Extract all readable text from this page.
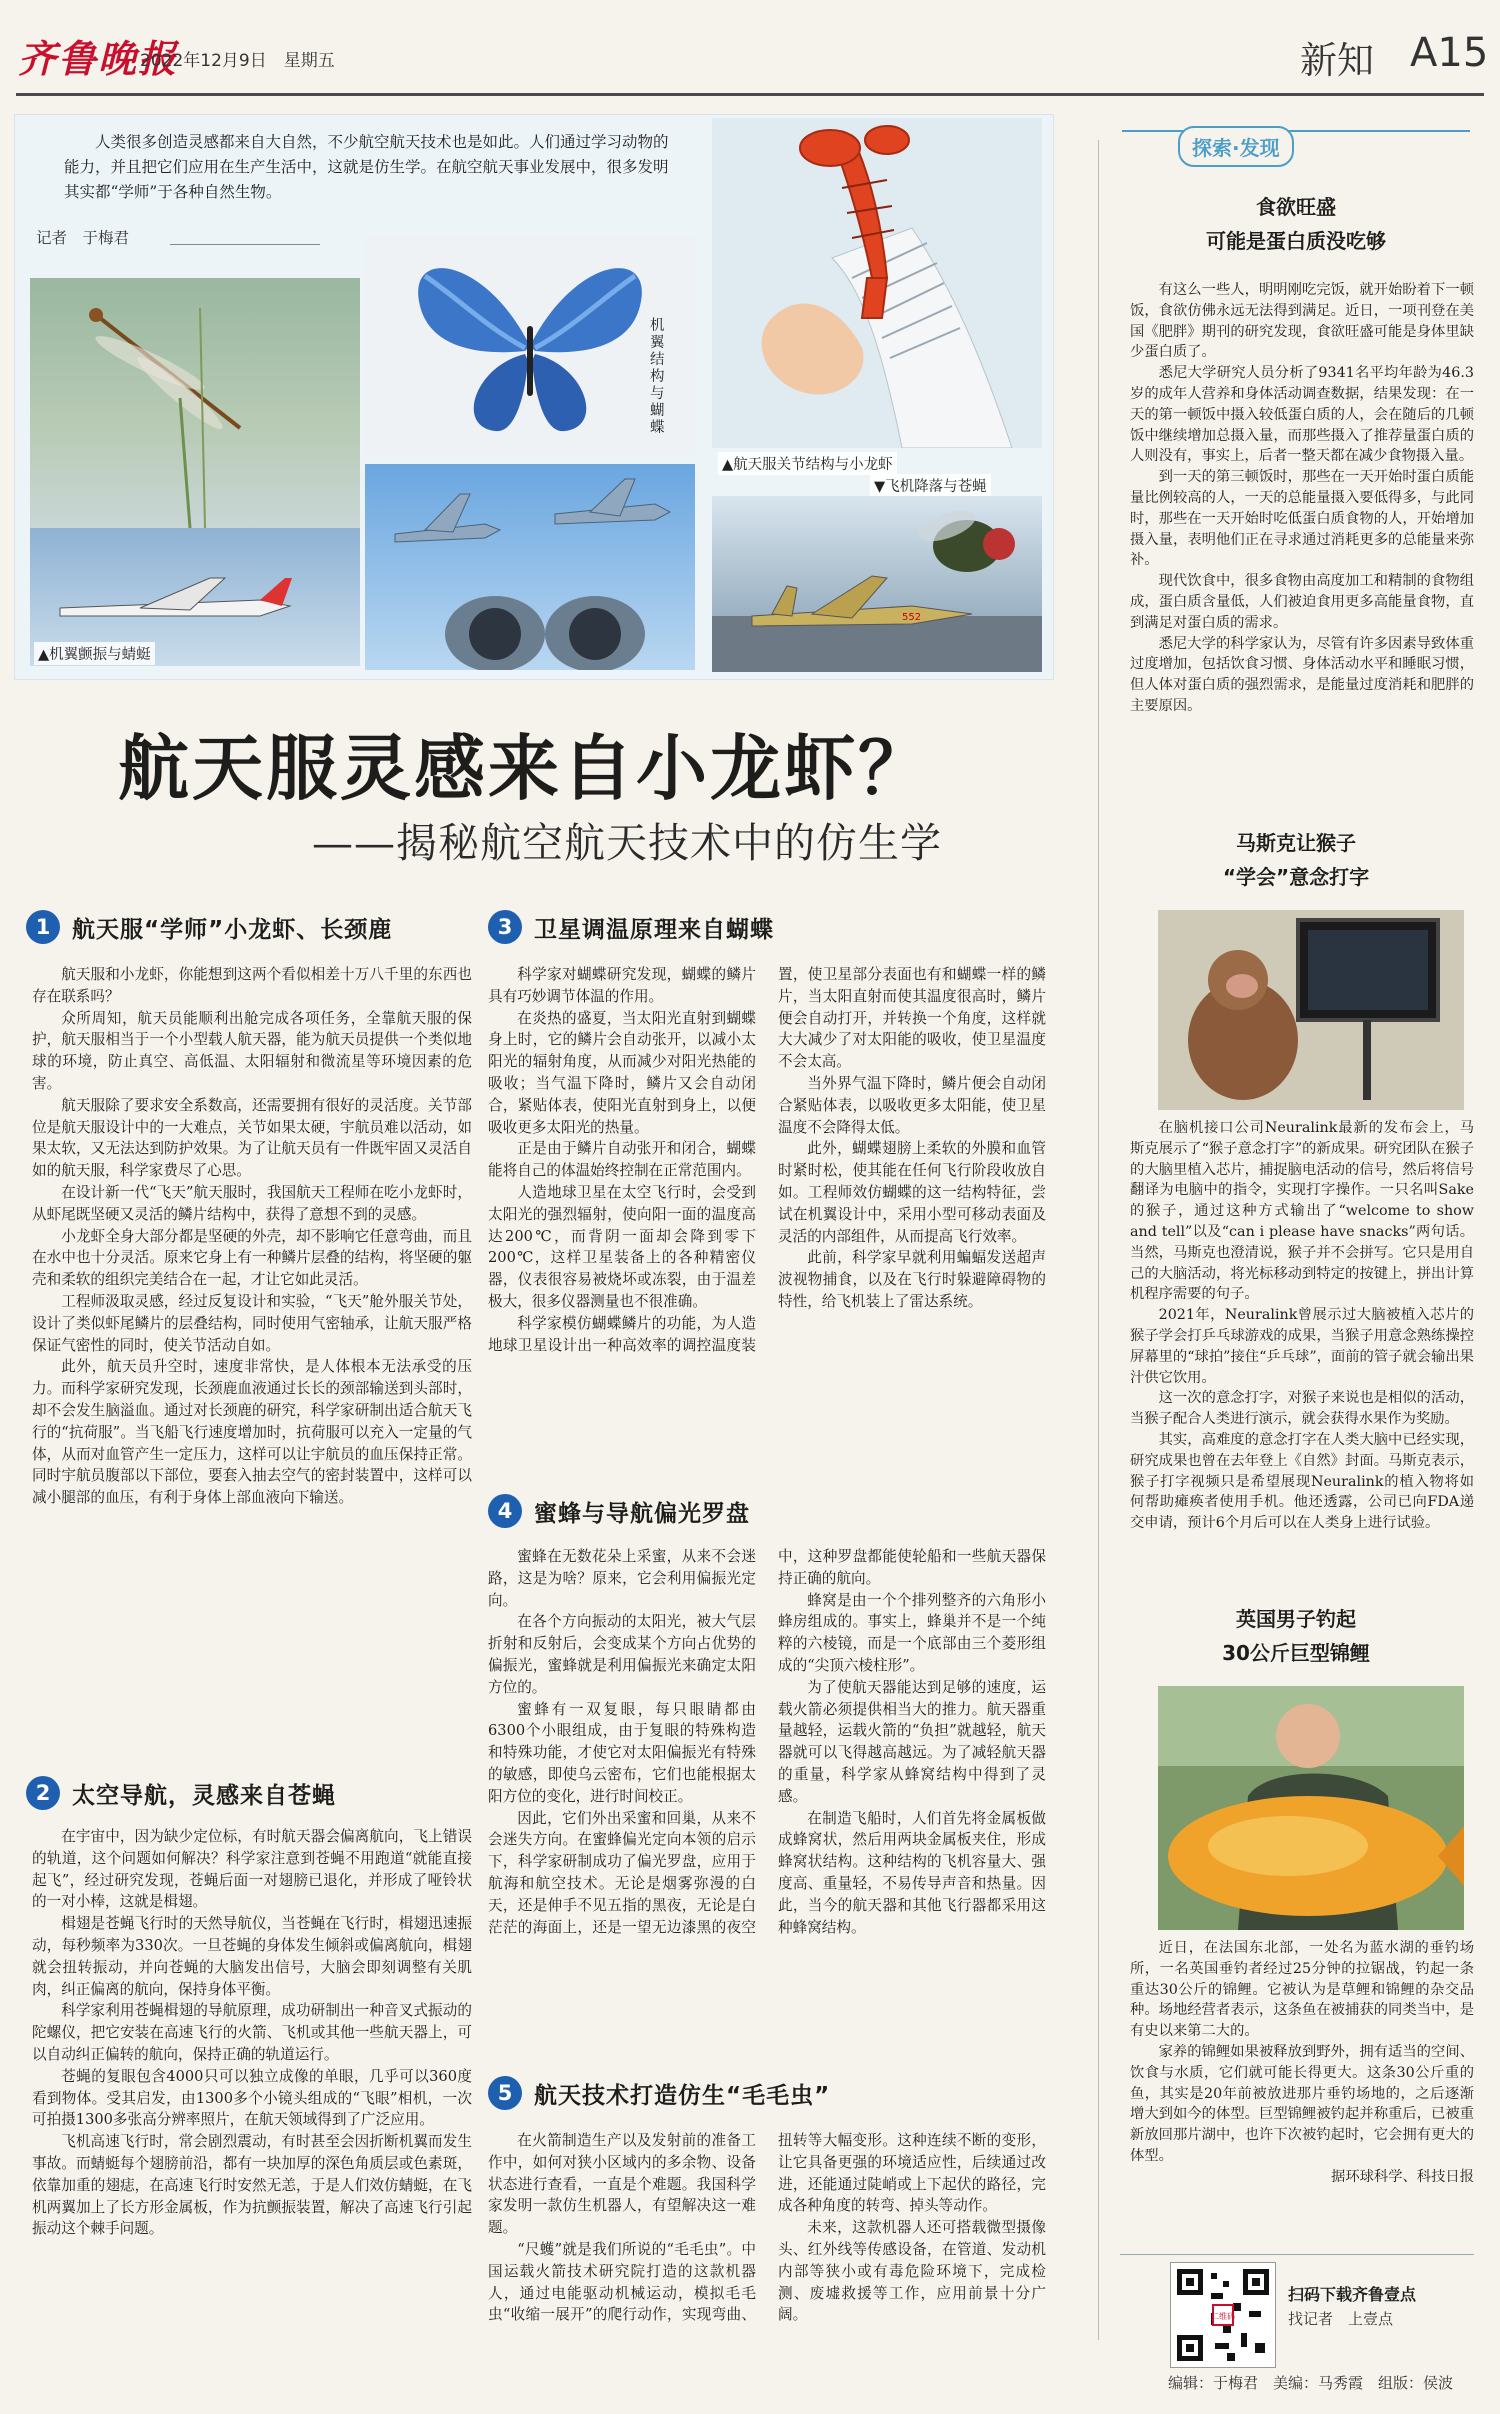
齐鲁晚报
2022年12月9日　星期五	新知 A15
人类很多创造灵感都来自大自然，不少航空航天技术也是如此。人们通过学习动物的能力，并且把它们应用在生产生活中，这就是仿生学。在航空航天事业发展中，很多发明其实都“学师”于各种自然生物。
记者　于梅君
▲机翼颤振与蜻蜓
机翼结构与蝴蝶
▲航天服关节结构与小龙虾
▼飞机降落与苍蝇
552
航天服灵感来自小龙虾？
——揭秘航空航天技术中的仿生学
1 航天服“学师”小龙虾、长颈鹿

航天服和小龙虾，你能想到这两个看似相差十万八千里的东西也存在联系吗？

众所周知，航天员能顺利出舱完成各项任务，全靠航天服的保护，航天服相当于一个小型载人航天器，能为航天员提供一个类似地球的环境，防止真空、高低温、太阳辐射和微流星等环境因素的危害。

航天服除了要求安全系数高，还需要拥有很好的灵活度。关节部位是航天服设计中的一大难点，关节如果太硬，宇航员难以活动，如果太软，又无法达到防护效果。为了让航天员有一件既牢固又灵活自如的航天服，科学家费尽了心思。

在设计新一代“飞天”航天服时，我国航天工程师在吃小龙虾时，从虾尾既坚硬又灵活的鳞片结构中，获得了意想不到的灵感。

小龙虾全身大部分都是坚硬的外壳，却不影响它任意弯曲，而且在水中也十分灵活。原来它身上有一种鳞片层叠的结构，将坚硬的躯壳和柔软的组织完美结合在一起，才让它如此灵活。

工程师汲取灵感，经过反复设计和实验，“飞天”舱外服关节处，设计了类似虾尾鳞片的层叠结构，同时使用气密轴承，让航天服严格保证气密性的同时，使关节活动自如。

此外，航天员升空时，速度非常快，是人体根本无法承受的压力。而科学家研究发现，长颈鹿血液通过长长的颈部输送到头部时，却不会发生脑溢血。通过对长颈鹿的研究，科学家研制出适合航天飞行的“抗荷服”。当飞船飞行速度增加时，抗荷服可以充入一定量的气体，从而对血管产生一定压力，这样可以让宇航员的血压保持正常。同时宇航员腹部以下部位，要套入抽去空气的密封装置中，这样可以减小腿部的血压，有利于身体上部血液向下输送。

2 太空导航，灵感来自苍蝇

在宇宙中，因为缺少定位标，有时航天器会偏离航向，飞上错误的轨道，这个问题如何解决？科学家注意到苍蝇不用跑道“就能直接起飞”，经过研究发现，苍蝇后面一对翅膀已退化，并形成了哑铃状的一对小棒，这就是楫翅。

楫翅是苍蝇飞行时的天然导航仪，当苍蝇在飞行时，楫翅迅速振动，每秒频率为330次。一旦苍蝇的身体发生倾斜或偏离航向，楫翅就会扭转振动，并向苍蝇的大脑发出信号，大脑会即刻调整有关肌肉，纠正偏离的航向，保持身体平衡。

科学家利用苍蝇楫翅的导航原理，成功研制出一种音叉式振动的陀螺仪，把它安装在高速飞行的火箭、飞机或其他一些航天器上，可以自动纠正偏转的航向，保持正确的轨道运行。

苍蝇的复眼包含4000只可以独立成像的单眼，几乎可以360度看到物体。受其启发，由1300多个小镜头组成的“飞眼”相机，一次可拍摄1300多张高分辨率照片，在航天领域得到了广泛应用。

飞机高速飞行时，常会剧烈震动，有时甚至会因折断机翼而发生事故。而蜻蜓每个翅膀前沿，都有一块加厚的深色角质层或色素斑，依靠加重的翅痣，在高速飞行时安然无恙，于是人们效仿蜻蜓，在飞机两翼加上了长方形金属板，作为抗颤振装置，解决了高速飞行引起振动这个棘手问题。

3 卫星调温原理来自蝴蝶

科学家对蝴蝶研究发现，蝴蝶的鳞片具有巧妙调节体温的作用。

在炎热的盛夏，当太阳光直射到蝴蝶身上时，它的鳞片会自动张开，以减小太阳光的辐射角度，从而减少对阳光热能的吸收；当气温下降时，鳞片又会自动闭合，紧贴体表，使阳光直射到身上，以便吸收更多太阳光的热量。

正是由于鳞片自动张开和闭合，蝴蝶能将自己的体温始终控制在正常范围内。

人造地球卫星在太空飞行时，会受到太阳光的强烈辐射，使向阳一面的温度高达200℃，而背阴一面却会降到零下200℃，这样卫星装备上的各种精密仪器，仪表很容易被烧坏或冻裂，由于温差极大，很多仪器测量也不很准确。

科学家模仿蝴蝶鳞片的功能，为人造地球卫星设计出一种高效率的调控温度装置，使卫星部分表面也有和蝴蝶一样的鳞片，当太阳直射而使其温度很高时，鳞片便会自动打开，并转换一个角度，这样就大大减少了对太阳能的吸收，使卫星温度不会太高。

当外界气温下降时，鳞片便会自动闭合紧贴体表，以吸收更多太阳能，使卫星温度不会降得太低。

此外，蝴蝶翅膀上柔软的外膜和血管时紧时松，使其能在任何飞行阶段收放自如。工程师效仿蝴蝶的这一结构特征，尝试在机翼设计中，采用小型可移动表面及灵活的内部组件，从而提高飞行效率。

此前，科学家早就利用蝙蝠发送超声波视物捕食，以及在飞行时躲避障碍物的特性，给飞机装上了雷达系统。

4 蜜蜂与导航偏光罗盘

蜜蜂在无数花朵上采蜜，从来不会迷路，这是为啥？原来，它会利用偏振光定向。

在各个方向振动的太阳光，被大气层折射和反射后，会变成某个方向占优势的偏振光，蜜蜂就是利用偏振光来确定太阳方位的。

蜜蜂有一双复眼，每只眼睛都由6300个小眼组成，由于复眼的特殊构造和特殊功能，才使它对太阳偏振光有特殊的敏感，即使乌云密布，它们也能根据太阳方位的变化，进行时间校正。

因此，它们外出采蜜和回巢，从来不会迷失方向。在蜜蜂偏光定向本领的启示下，科学家研制成功了偏光罗盘，应用于航海和航空技术。无论是烟雾弥漫的白天，还是伸手不见五指的黑夜，无论是白茫茫的海面上，还是一望无边漆黑的夜空中，这种罗盘都能使轮船和一些航天器保持正确的航向。

蜂窝是由一个个排列整齐的六角形小蜂房组成的。事实上，蜂巢并不是一个纯粹的六棱镜，而是一个底部由三个菱形组成的“尖顶六棱柱形”。

为了使航天器能达到足够的速度，运载火箭必须提供相当大的推力。航天器重量越轻，运载火箭的“负担”就越轻，航天器就可以飞得越高越远。为了减轻航天器的重量，科学家从蜂窝结构中得到了灵感。

在制造飞船时，人们首先将金属板做成蜂窝状，然后用两块金属板夹住，形成蜂窝状结构。这种结构的飞机容量大、强度高、重量轻，不易传导声音和热量。因此，当今的航天器和其他飞行器都采用这种蜂窝结构。

5 航天技术打造仿生“毛毛虫”

在火箭制造生产以及发射前的准备工作中，如何对狭小区域内的多余物、设备状态进行查看，一直是个难题。我国科学家发明一款仿生机器人，有望解决这一难题。

“尺蠖”就是我们所说的“毛毛虫”。中国运载火箭技术研究院打造的这款机器人，通过电能驱动机械运动，模拟毛毛虫“收缩一展开”的爬行动作，实现弯曲、扭转等大幅变形。这种连续不断的变形，让它具备更强的环境适应性，后续通过改进，还能通过陡峭或上下起伏的路径，完成各种角度的转弯、掉头等动作。

未来，这款机器人还可搭载微型摄像头、红外线等传感设备，在管道、发动机内部等狭小或有毒危险环境下，完成检测、废墟救援等工作，应用前景十分广阔。

探索·发现
食欲旺盛
可能是蛋白质没吃够

有这么一些人，明明刚吃完饭，就开始盼着下一顿饭，食欲仿佛永远无法得到满足。近日，一项刊登在美国《肥胖》期刊的研究发现，食欲旺盛可能是身体里缺少蛋白质了。

悉尼大学研究人员分析了9341名平均年龄为46.3岁的成年人营养和身体活动调查数据，结果发现：在一天的第一顿饭中摄入较低蛋白质的人，会在随后的几顿饭中继续增加总摄入量，而那些摄入了推荐量蛋白质的人则没有，事实上，后者一整天都在减少食物摄入量。

到一天的第三顿饭时，那些在一天开始时蛋白质能量比例较高的人，一天的总能量摄入要低得多，与此同时，那些在一天开始时吃低蛋白质食物的人，开始增加摄入量，表明他们正在寻求通过消耗更多的总能量来弥补。

现代饮食中，很多食物由高度加工和精制的食物组成，蛋白质含量低，人们被迫食用更多高能量食物，直到满足对蛋白质的需求。

悉尼大学的科学家认为，尽管有许多因素导致体重过度增加，包括饮食习惯、身体活动水平和睡眠习惯，但人体对蛋白质的强烈需求，是能量过度消耗和肥胖的主要原因。

马斯克让猴子
“学会”意念打字

在脑机接口公司Neuralink最新的发布会上，马斯克展示了“猴子意念打字”的新成果。研究团队在猴子的大脑里植入芯片，捕捉脑电活动的信号，然后将信号翻译为电脑中的指令，实现打字操作。一只名叫Sake的猴子，通过这种方式输出了“welcome to show and tell”以及“can i please have snacks”两句话。当然，马斯克也澄清说，猴子并不会拼写。它只是用自己的大脑活动，将光标移动到特定的按键上，拼出计算机程序需要的句子。

2021年，Neuralink曾展示过大脑被植入芯片的猴子学会打乒乓球游戏的成果，当猴子用意念熟练操控屏幕里的“球拍”接住“乒乓球”，面前的管子就会输出果汁供它饮用。

这一次的意念打字，对猴子来说也是相似的活动，当猴子配合人类进行演示，就会获得水果作为奖励。

其实，高难度的意念打字在人类大脑中已经实现，研究成果也曾在去年登上《自然》封面。马斯克表示，猴子打字视频只是希望展现Neuralink的植入物将如何帮助瘫痪者使用手机。他还透露，公司已向FDA递交申请，预计6个月后可以在人类身上进行试验。

英国男子钓起
30公斤巨型锦鲤

近日，在法国东北部，一处名为蓝水湖的垂钓场所，一名英国垂钓者经过25分钟的拉锯战，钓起一条重达30公斤的锦鲤。它被认为是草鲤和锦鲤的杂交品种。场地经营者表示，这条鱼在被捕获的同类当中，是有史以来第二大的。

家养的锦鲤如果被释放到野外，拥有适当的空间、饮食与水质，它们就可能长得更大。这条30公斤重的鱼，其实是20年前被放进那片垂钓场地的，之后逐渐增大到如今的体型。巨型锦鲤被钓起并称重后，已被重新放回那片湖中，也许下次被钓起时，它会拥有更大的体型。

据环球科学、科技日报
二维码
扫码下载齐鲁壹点
找记者　上壹点
编辑：于梅君　美编：马秀霞　组版：侯波
